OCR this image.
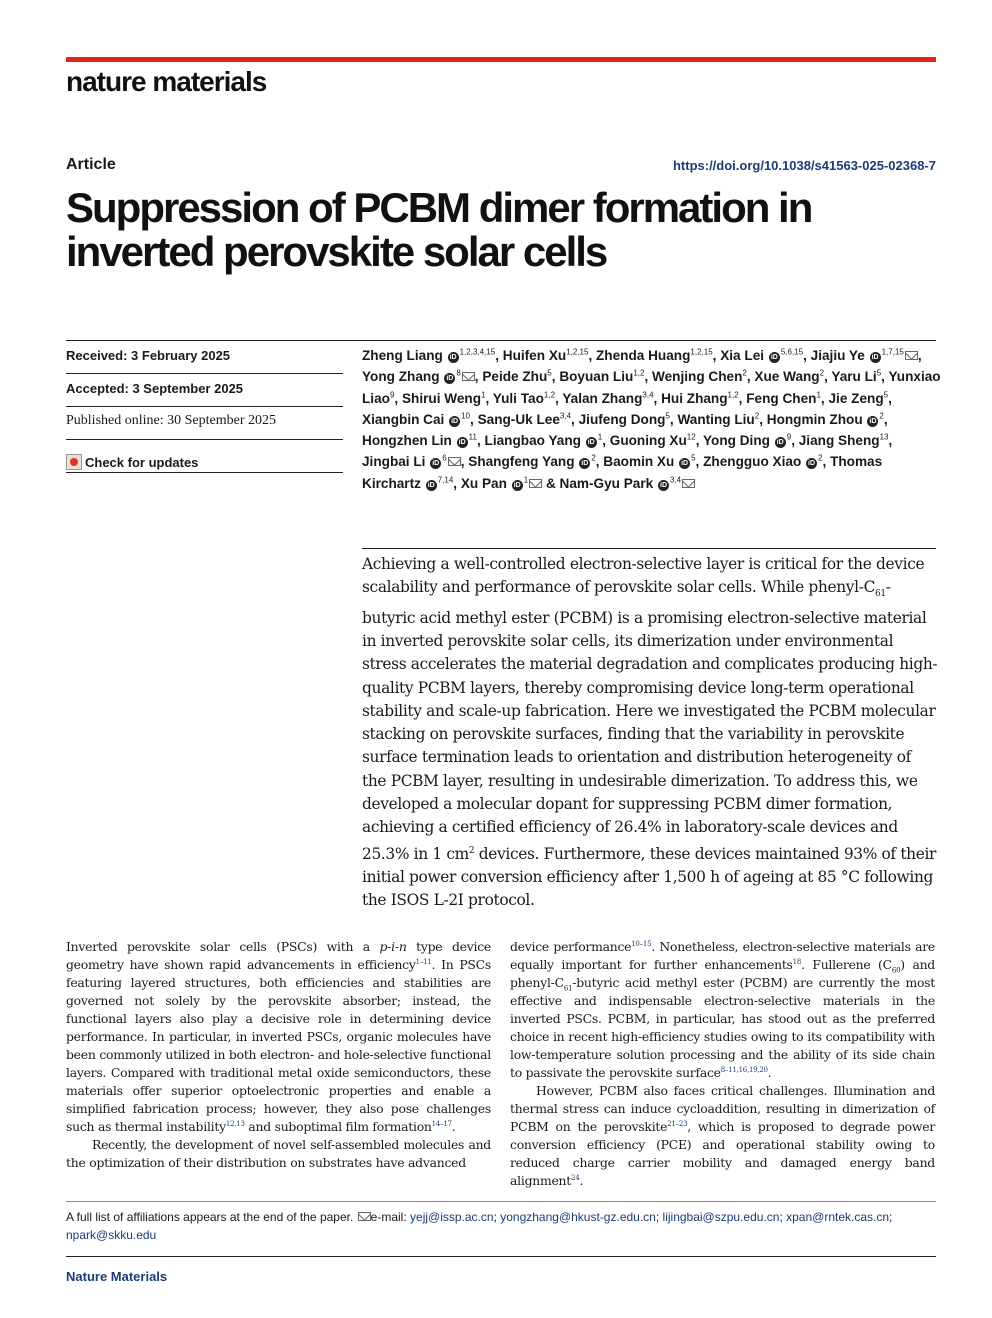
nature materials
Article	https://doi.org/10.1038/s41563-025-02368-7
Suppression of PCBM dimer formation in
inverted perovskite solar cells
Received: 3 February 2025
Accepted: 3 September 2025
Published online: 30 September 2025
Check for updates
Zheng Liang iD$^{1,2,3,4,15}$, Huifen Xu$^{1,2,15}$, Zhenda Huang$^{1,2,15}$, Xia Lei iD$^{5,6,15}$, Jiajiu Ye iD$^{1,7,15}$ , Yong Zhang $iD^8$ , Peide Zhu$^5$, Boyuan Liu$^{1,2}$, Wenjing Chen$^2$, Xue Wang$^2$, Yaru Li$^5$, Yunxiao Liao$^9$, Shirui Weng$^1$, Yuli Tao$^{1,2}$, Yalan Zhang$^{3,4}$, Hui Zhang$^{1,2}$, Feng Chen$^1$, Jie Zeng$^5$, Xiangbin Cai $iD^{10}$, Sang-Uk Lee$^{3,4}$, Jiufeng Dong$^5$, Wanting Liu$^2$, Hongmin Zhou $iD^2$, Hongzhen Lin $iD^{11}$, Liangbao Yang $iD^1$, Guoning Xu$^{12}$, Yong Ding $iD^9$, Jiang Sheng$^{13}$, Jingbai Li $iD^6$ , Shangfeng Yang $iD^2$, Baomin Xu $iD^5$, Zhengguo Xiao $iD^2$, Thomas Kirchartz iD$^{7,14}$, Xu Pan $iD^1$ & Nam-Gyu Park iD$^{3,4}$

Achieving a well-controlled electron-selective layer is critical for the device scalability and performance of perovskite solar cells. While phenyl-$C_{61}$-butyric acid methyl ester (PCBM) is a promising electron-selective material in inverted perovskite solar cells, its dimerization under environmental stress accelerates the material degradation and complicates producing high-quality PCBM layers, thereby compromising device long-term operational stability and scale-up fabrication. Here we investigated the PCBM molecular stacking on perovskite surfaces, finding that the variability in perovskite surface termination leads to orientation and distribution heterogeneity of the PCBM layer, resulting in undesirable dimerization. To address this, we developed a molecular dopant for suppressing PCBM dimer formation, achieving a certified efficiency of 26.4% in laboratory-scale devices and 25.3% in 1 $cm^2$ devices. Furthermore, these devices maintained 93% of their initial power conversion efficiency after 1,500 h of ageing at 85 °C following the ISOS L-2I protocol.

Inverted perovskite solar cells (PSCs) with a p-i-n type device geometry have shown rapid advancements in efficiency$^{1-11}$. In PSCs featuring layered structures, both efficiencies and stabilities are governed not solely by the perovskite absorber; instead, the functional layers also play a decisive role in determining device performance. In particular, in inverted PSCs, organic molecules have been commonly utilized in both electron- and hole-selective functional layers. Compared with traditional metal oxide semiconductors, these materials offer superior optoelectronic properties and enable a simplified fabrication process; however, they also pose challenges such as thermal instability$^{12,13}$ and suboptimal film formation$^{14-17}$.

Recently, the development of novel self-assembled molecules and the optimization of their distribution on substrates have advanced

device performance$^{10-15}$. Nonetheless, electron-selective materials are equally important for further enhancements$^{18}$. Fullerene $(C_{60})$ and phenyl-$C_{61}$-butyric acid methyl ester (PCBM) are currently the most effective and indispensable electron-selective materials in the inverted PSCs. PCBM, in particular, has stood out as the preferred choice in recent high-efficiency studies owing to its compatibility with low-temperature solution processing and the ability of its side chain to passivate the perovskite surface$^{8-11,16,19,20}$.

However, PCBM also faces critical challenges. Illumination and thermal stress can induce cycloaddition, resulting in dimerization of PCBM on the perovskite$^{21-23}$, which is proposed to degrade power conversion efficiency (PCE) and operational stability owing to reduced charge carrier mobility and damaged energy band alignment$^{24}$.

A full list of affiliations appears at the end of the paper. e-mail: yejj@issp.ac.cn; yongzhang@hkust-gz.edu.cn; lijingbai@szpu.edu.cn; xpan@rntek.cas.cn; npark@skku.edu
Nature Materials
